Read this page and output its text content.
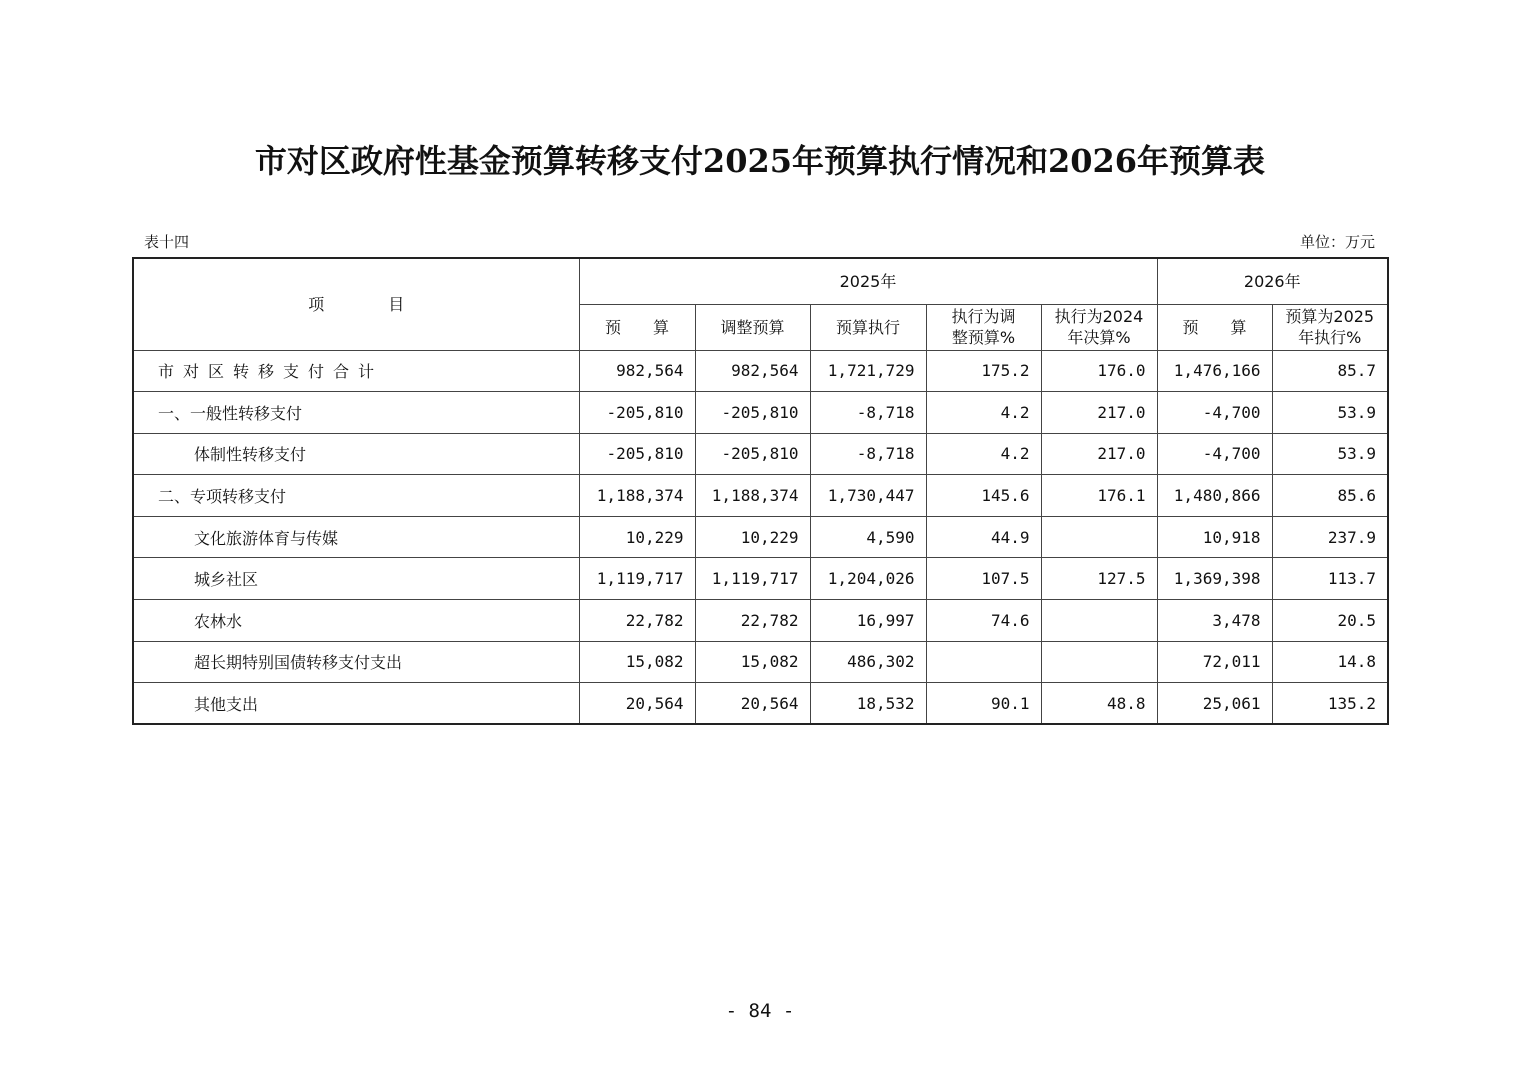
市对区政府性基金预算转移支付2025年预算执行情况和2026年预算表
表十四	单位：万元
项　　　　目	2025年					2026年	
	预　　算	调整预算	预算执行	执行为调整预算%	执行为2024年决算%	预　　算	预算为2025年执行%
市对区转移支付合计	982,564	982,564	1,721,729	175.2	176.0	1,476,166	85.7
一、一般性转移支付	-205,810	-205,810	-8,718	4.2	217.0	-4,700	53.9
体制性转移支付	-205,810	-205,810	-8,718	4.2	217.0	-4,700	53.9
二、专项转移支付	1,188,374	1,188,374	1,730,447	145.6	176.1	1,480,866	85.6
文化旅游体育与传媒	10,229	10,229	4,590	44.9		10,918	237.9
城乡社区	1,119,717	1,119,717	1,204,026	107.5	127.5	1,369,398	113.7
农林水	22,782	22,782	16,997	74.6		3,478	20.5
超长期特别国债转移支付支出	15,082	15,082	486,302			72,011	14.8
其他支出	20,564	20,564	18,532	90.1	48.8	25,061	135.2
- 84 -
